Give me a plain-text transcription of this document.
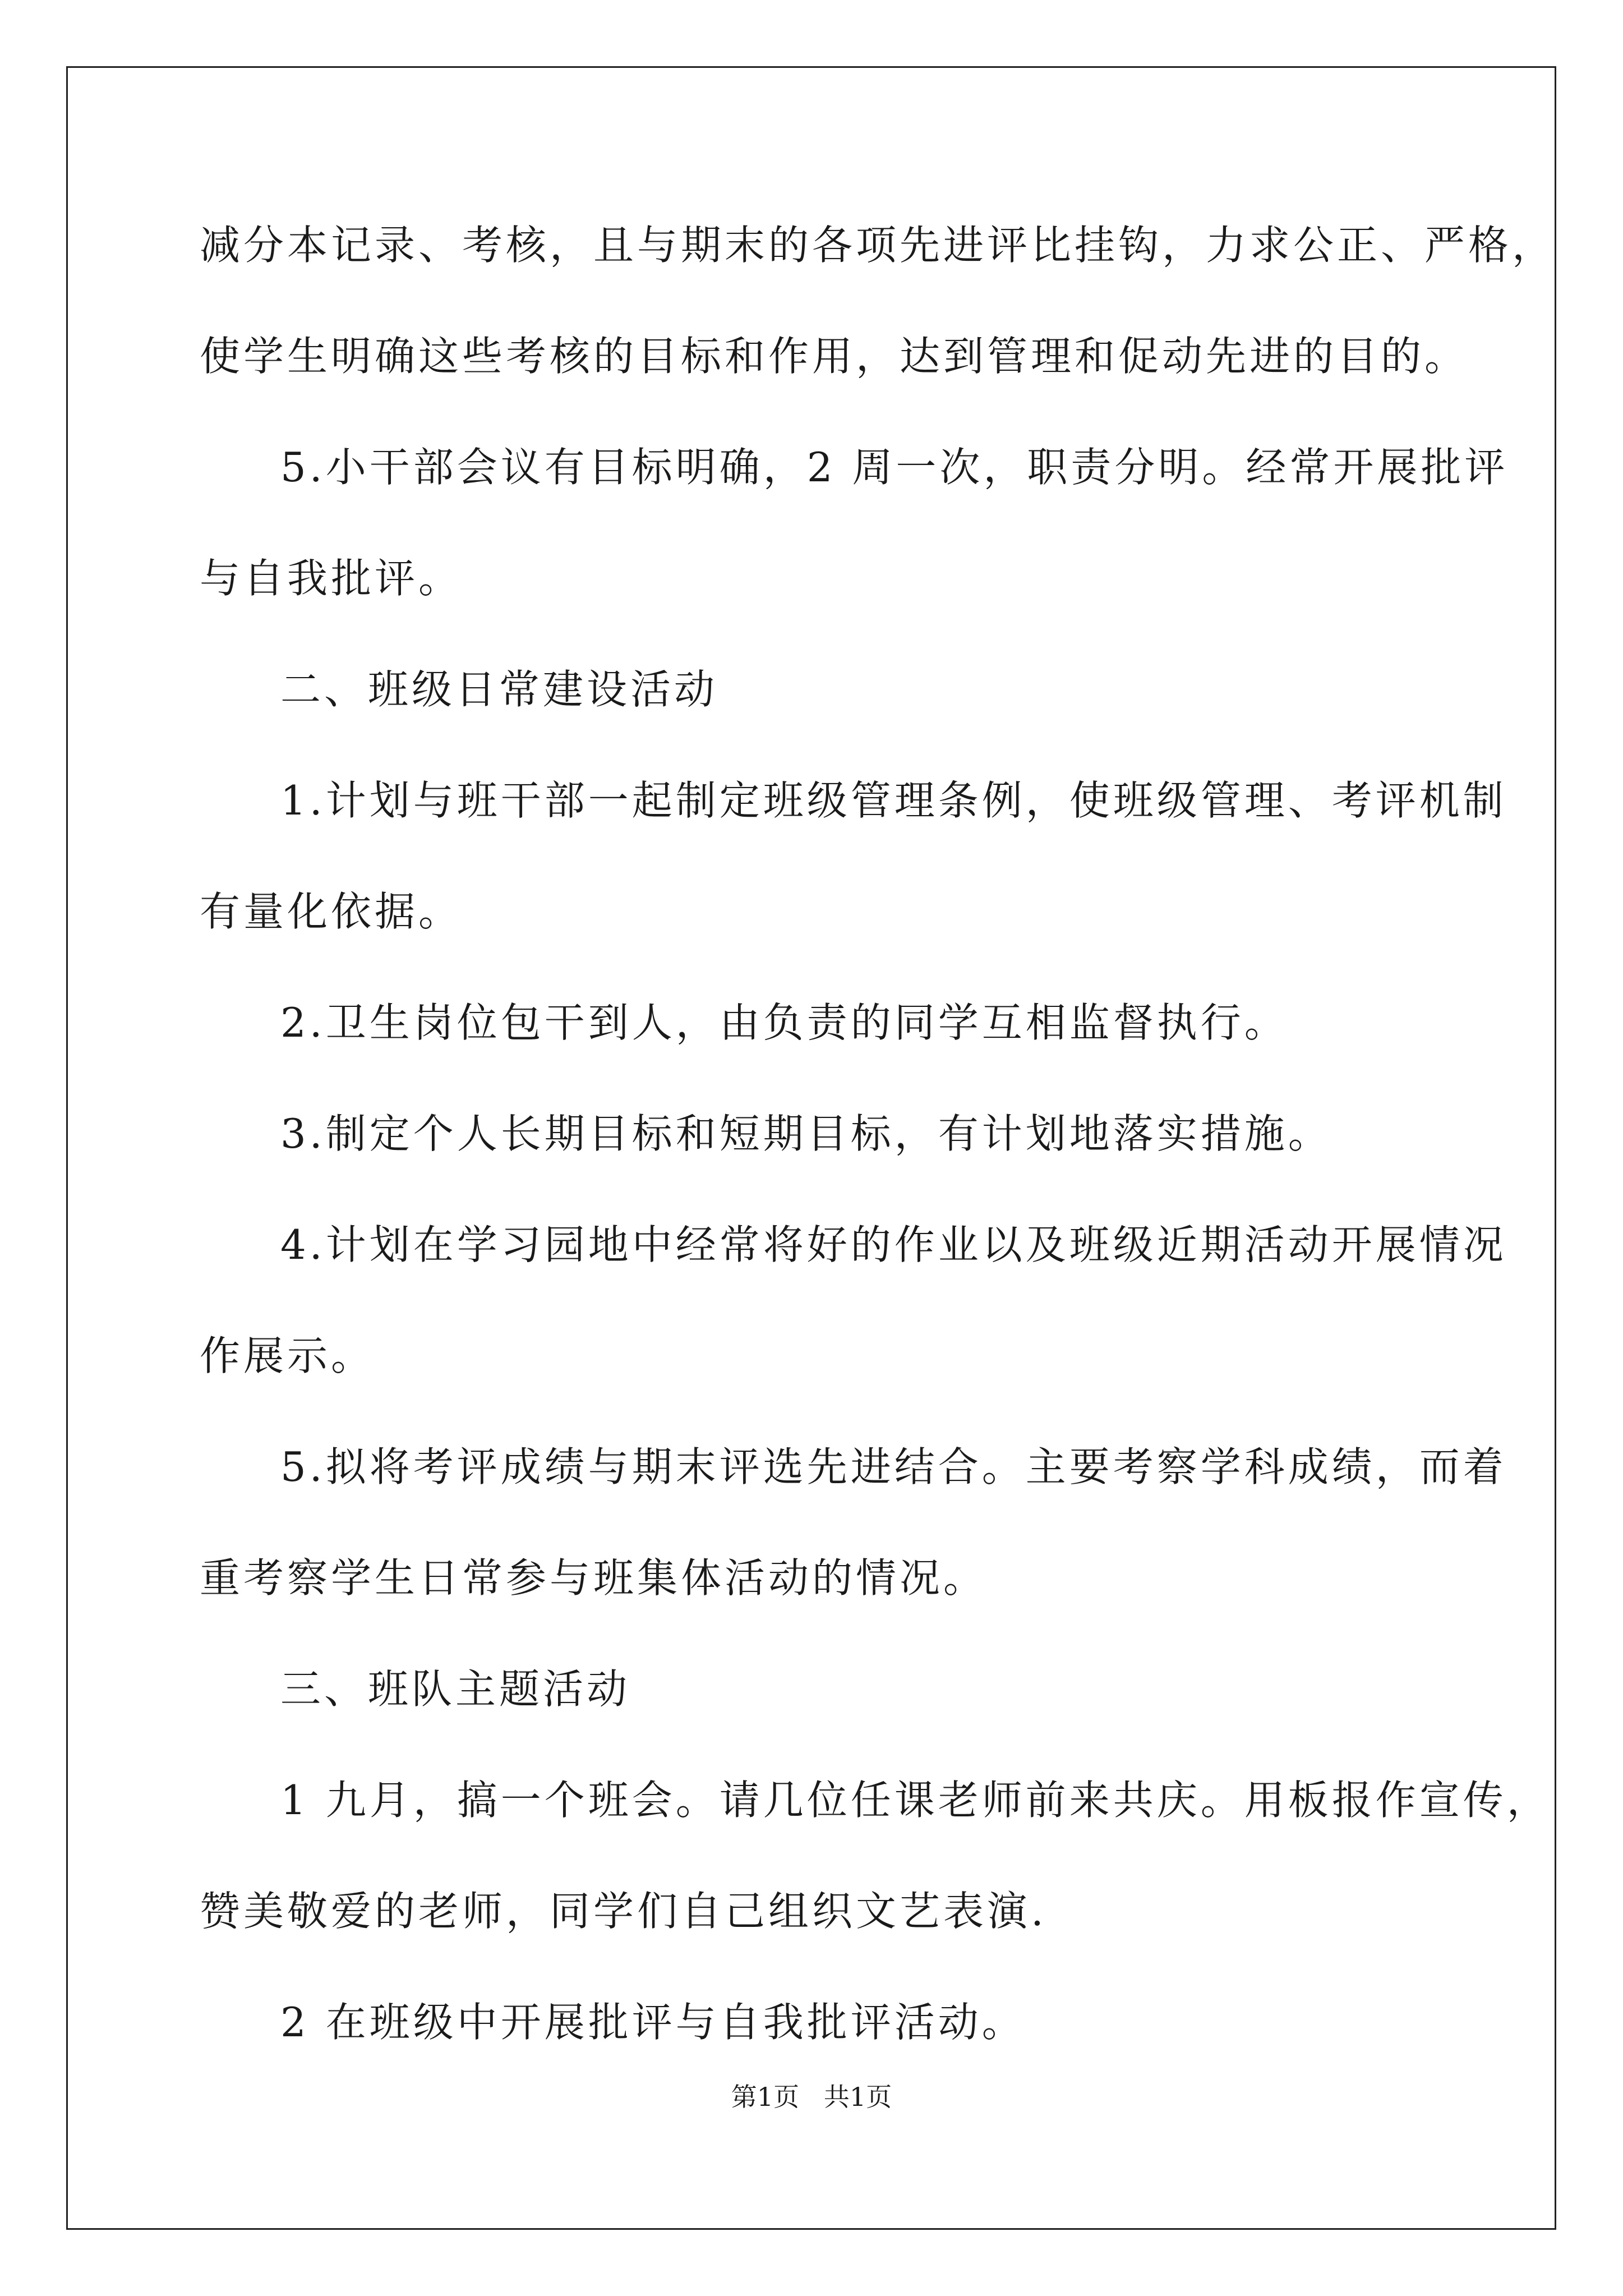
减分本记录、考核，且与期末的各项先进评比挂钩，力求公正、严格，
使学生明确这些考核的目标和作用，达到管理和促动先进的目的。
5.小干部会议有目标明确，2 周一次，职责分明。经常开展批评
与自我批评。
二、班级日常建设活动
1.计划与班干部一起制定班级管理条例，使班级管理、考评机制
有量化依据。
2.卫生岗位包干到人，由负责的同学互相监督执行。
3.制定个人长期目标和短期目标，有计划地落实措施。
4.计划在学习园地中经常将好的作业以及班级近期活动开展情况
作展示。
5.拟将考评成绩与期末评选先进结合。主要考察学科成绩，而着
重考察学生日常参与班集体活动的情况。
三、班队主题活动
1 九月，搞一个班会。请几位任课老师前来共庆。用板报作宣传，
赞美敬爱的老师，同学们自己组织文艺表演.
2 在班级中开展批评与自我批评活动。
第1页   共1页
